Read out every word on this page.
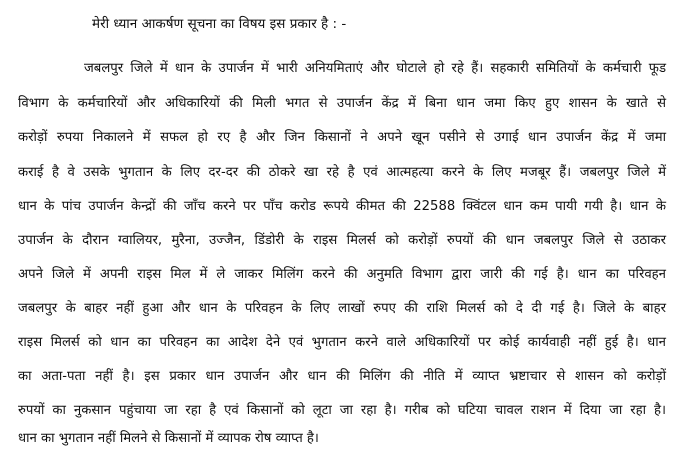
मेरी ध्यान आकर्षण सूचना का विषय इस प्रकार है : -
जबलपुर जिले में धान के उपार्जन में भारी अनियमिताएं और घोटाले हो रहे हैं। सहकारी समितियों के कर्मचारी फूड
विभाग के कर्मचारियों और अधिकारियों की मिली भगत से उपार्जन केंद्र में बिना धान जमा किए हुए शासन के खाते से
करोड़ों रुपया निकालने में सफल हो रए है और जिन किसानों ने अपने खून पसीने से उगाई धान उपार्जन केंद्र में जमा
कराई है वे उसके भुगतान के लिए दर-दर की ठोकरे खा रहे है एवं आत्महत्या करने के लिए मजबूर हैं। जबलपुर जिले में
धान के पांच उपार्जन केन्द्रों की जाँच करने पर पाँच करोड रूपये कीमत की 22588 क्विंटल धान कम पायी गयी है। धान के
उपार्जन के दौरान ग्वालियर, मुरैना, उज्जैन, डिंडोरी के राइस मिलर्स को करोड़ों रुपयों की धान जबलपुर जिले से उठाकर
अपने जिले में अपनी राइस मिल में ले जाकर मिलिंग करने की अनुमति विभाग द्वारा जारी की गई है। धान का परिवहन
जबलपुर के बाहर नहीं हुआ और धान के परिवहन के लिए लाखों रुपए की राशि मिलर्स को दे दी गई है। जिले के बाहर
राइस मिलर्स को धान का परिवहन का आदेश देने एवं भुगतान करने वाले अधिकारियों पर कोई कार्यवाही नहीं हुई है। धान
का अता-पता नहीं है। इस प्रकार धान उपार्जन और धान की मिलिंग की नीति में व्याप्त भ्रष्टाचार से शासन को करोड़ों
रुपयों का नुकसान पहुंचाया जा रहा है एवं किसानों को लूटा जा रहा है। गरीब को घटिया चावल राशन में दिया जा रहा है।
धान का भुगतान नहीं मिलने से किसानों में व्यापक रोष व्याप्त है।
